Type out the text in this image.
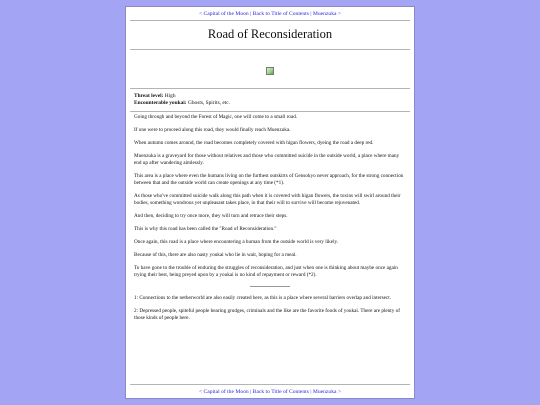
< Capital of the Moon | Back to Title of Contents | Muenzuka >
Road of Reconsideration
Threat level: High
Encounterable youkai: Ghosts, Spirits, etc.

Going through and beyond the Forest of Magic, one will come to a small road.

If one were to proceed along this road, they would finally reach Muenzuka.

When autumn comes around, the road becomes completely covered with higan flowers, dyeing the road a deep red.

Muenzuka is a graveyard for those without relatives and those who committed suicide in the outside world, a place where many end up after wandering aimlessly.

This area is a place where even the humans living on the furthest outskirts of Gensokyo never approach, for the strong connection between that and the outside world can create openings at any time (*1).

As those who've committed suicide walk along this path when it is covered with higan flowers, the toxins will swirl around their bodies, something wondrous yet unpleasant takes place, in that their will to survive will become rejuvenated.

And then, deciding to try once more, they will turn and retrace their steps.

This is why this road has been called the "Road of Reconsideration."

Once again, this road is a place where encountering a human from the outside world is very likely.

Because of this, there are also nasty youkai who lie in wait, hoping for a meal.

To have gone to the trouble of enduring the struggles of reconsideration, and just when one is thinking about maybe once again trying their best, being preyed upon by a youkai is no kind of repayment or reward (*2).

1: Connections to the netherworld are also easily created here, as this is a place where several barriers overlap and intersect.

2: Depressed people, spiteful people bearing grudges, criminals and the like are the favorite foods of youkai. There are plenty of those kinds of people here.

< Capital of the Moon | Back to Title of Contents | Muenzuka >
